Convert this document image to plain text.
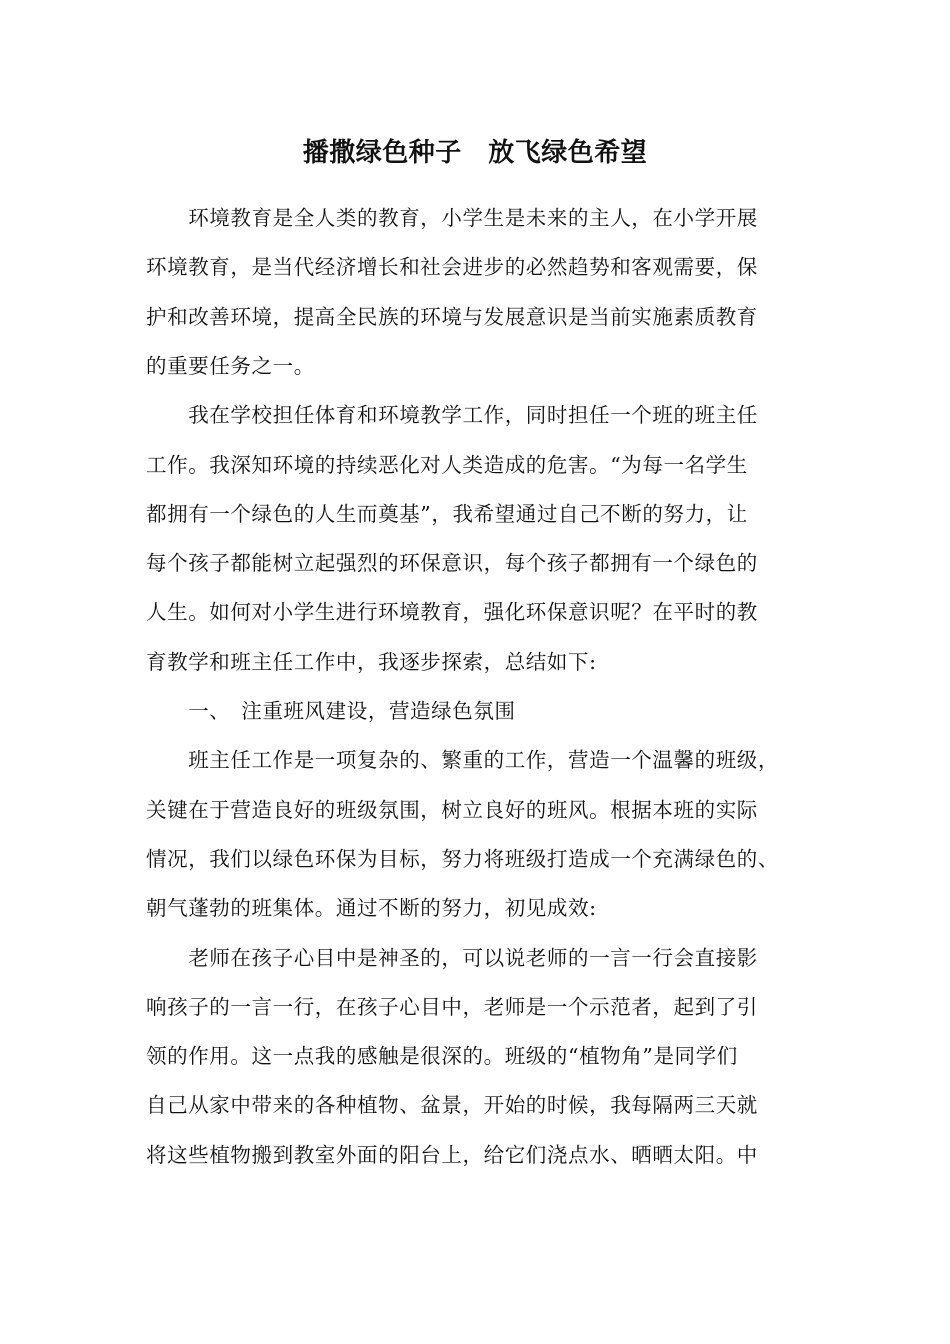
播撒绿色种子　放飞绿色希望
　　环境教育是全人类的教育，小学生是未来的主人，在小学开展
环境教育，是当代经济增长和社会进步的必然趋势和客观需要，保
护和改善环境，提高全民族的环境与发展意识是当前实施素质教育
的重要任务之一。
　　我在学校担任体育和环境教学工作，同时担任一个班的班主任
工作。我深知环境的持续恶化对人类造成的危害。“为每一名学生
都拥有一个绿色的人生而奠基”，我希望通过自己不断的努力，让
每个孩子都能树立起强烈的环保意识，每个孩子都拥有一个绿色的
人生。如何对小学生进行环境教育，强化环保意识呢？在平时的教
育教学和班主任工作中，我逐步探索，总结如下:
　　一、　注重班风建设，营造绿色氛围
　　班主任工作是一项复杂的、繁重的工作，营造一个温馨的班级，
关键在于营造良好的班级氛围，树立良好的班风。根据本班的实际
情况，我们以绿色环保为目标，努力将班级打造成一个充满绿色的、
朝气蓬勃的班集体。通过不断的努力，初见成效:
　　老师在孩子心目中是神圣的，可以说老师的一言一行会直接影
响孩子的一言一行，在孩子心目中，老师是一个示范者，起到了引
领的作用。这一点我的感触是很深的。班级的“植物角”是同学们
自己从家中带来的各种植物、盆景，开始的时候，我每隔两三天就
将这些植物搬到教室外面的阳台上，给它们浇点水、晒晒太阳。中
